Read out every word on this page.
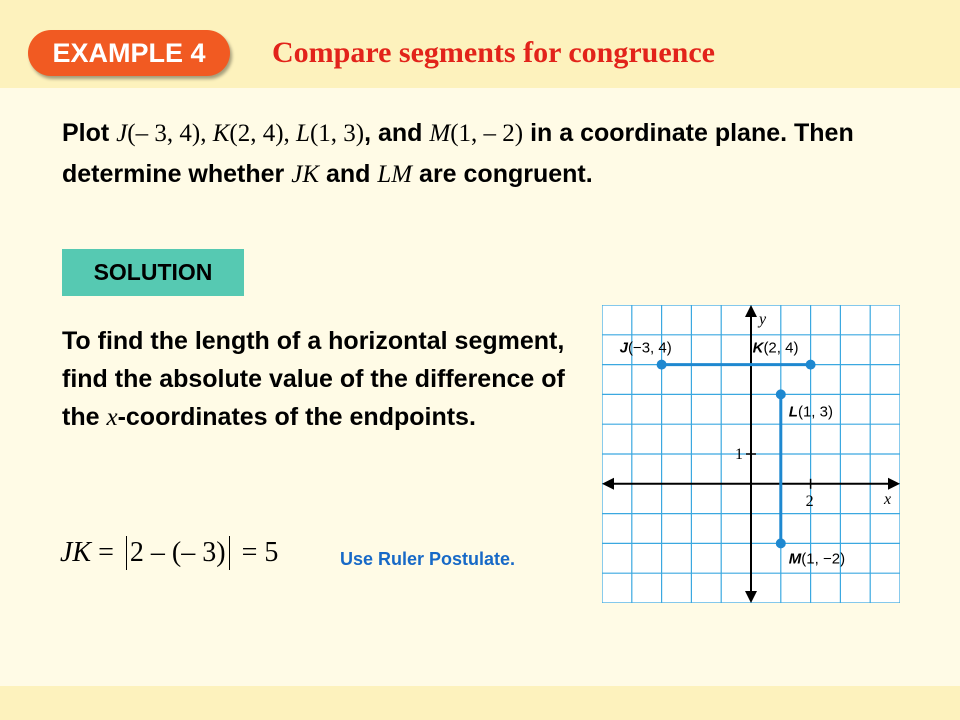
EXAMPLE 4 Compare segments for congruence
Plot J(– 3, 4), K(2, 4), L(1, 3), and M(1, – 2) in a coordinate plane. Then determine whether JK and LM are congruent.
SOLUTION
To find the length of a horizontal segment, find the absolute value of the difference of the x-coordinates of the endpoints.
JK = 2 – (– 3) = 5	Use Ruler Postulate.
x
y
2
1
J(−3, 4)	K(2, 4)
L(1, 3)
M(1, −2)
